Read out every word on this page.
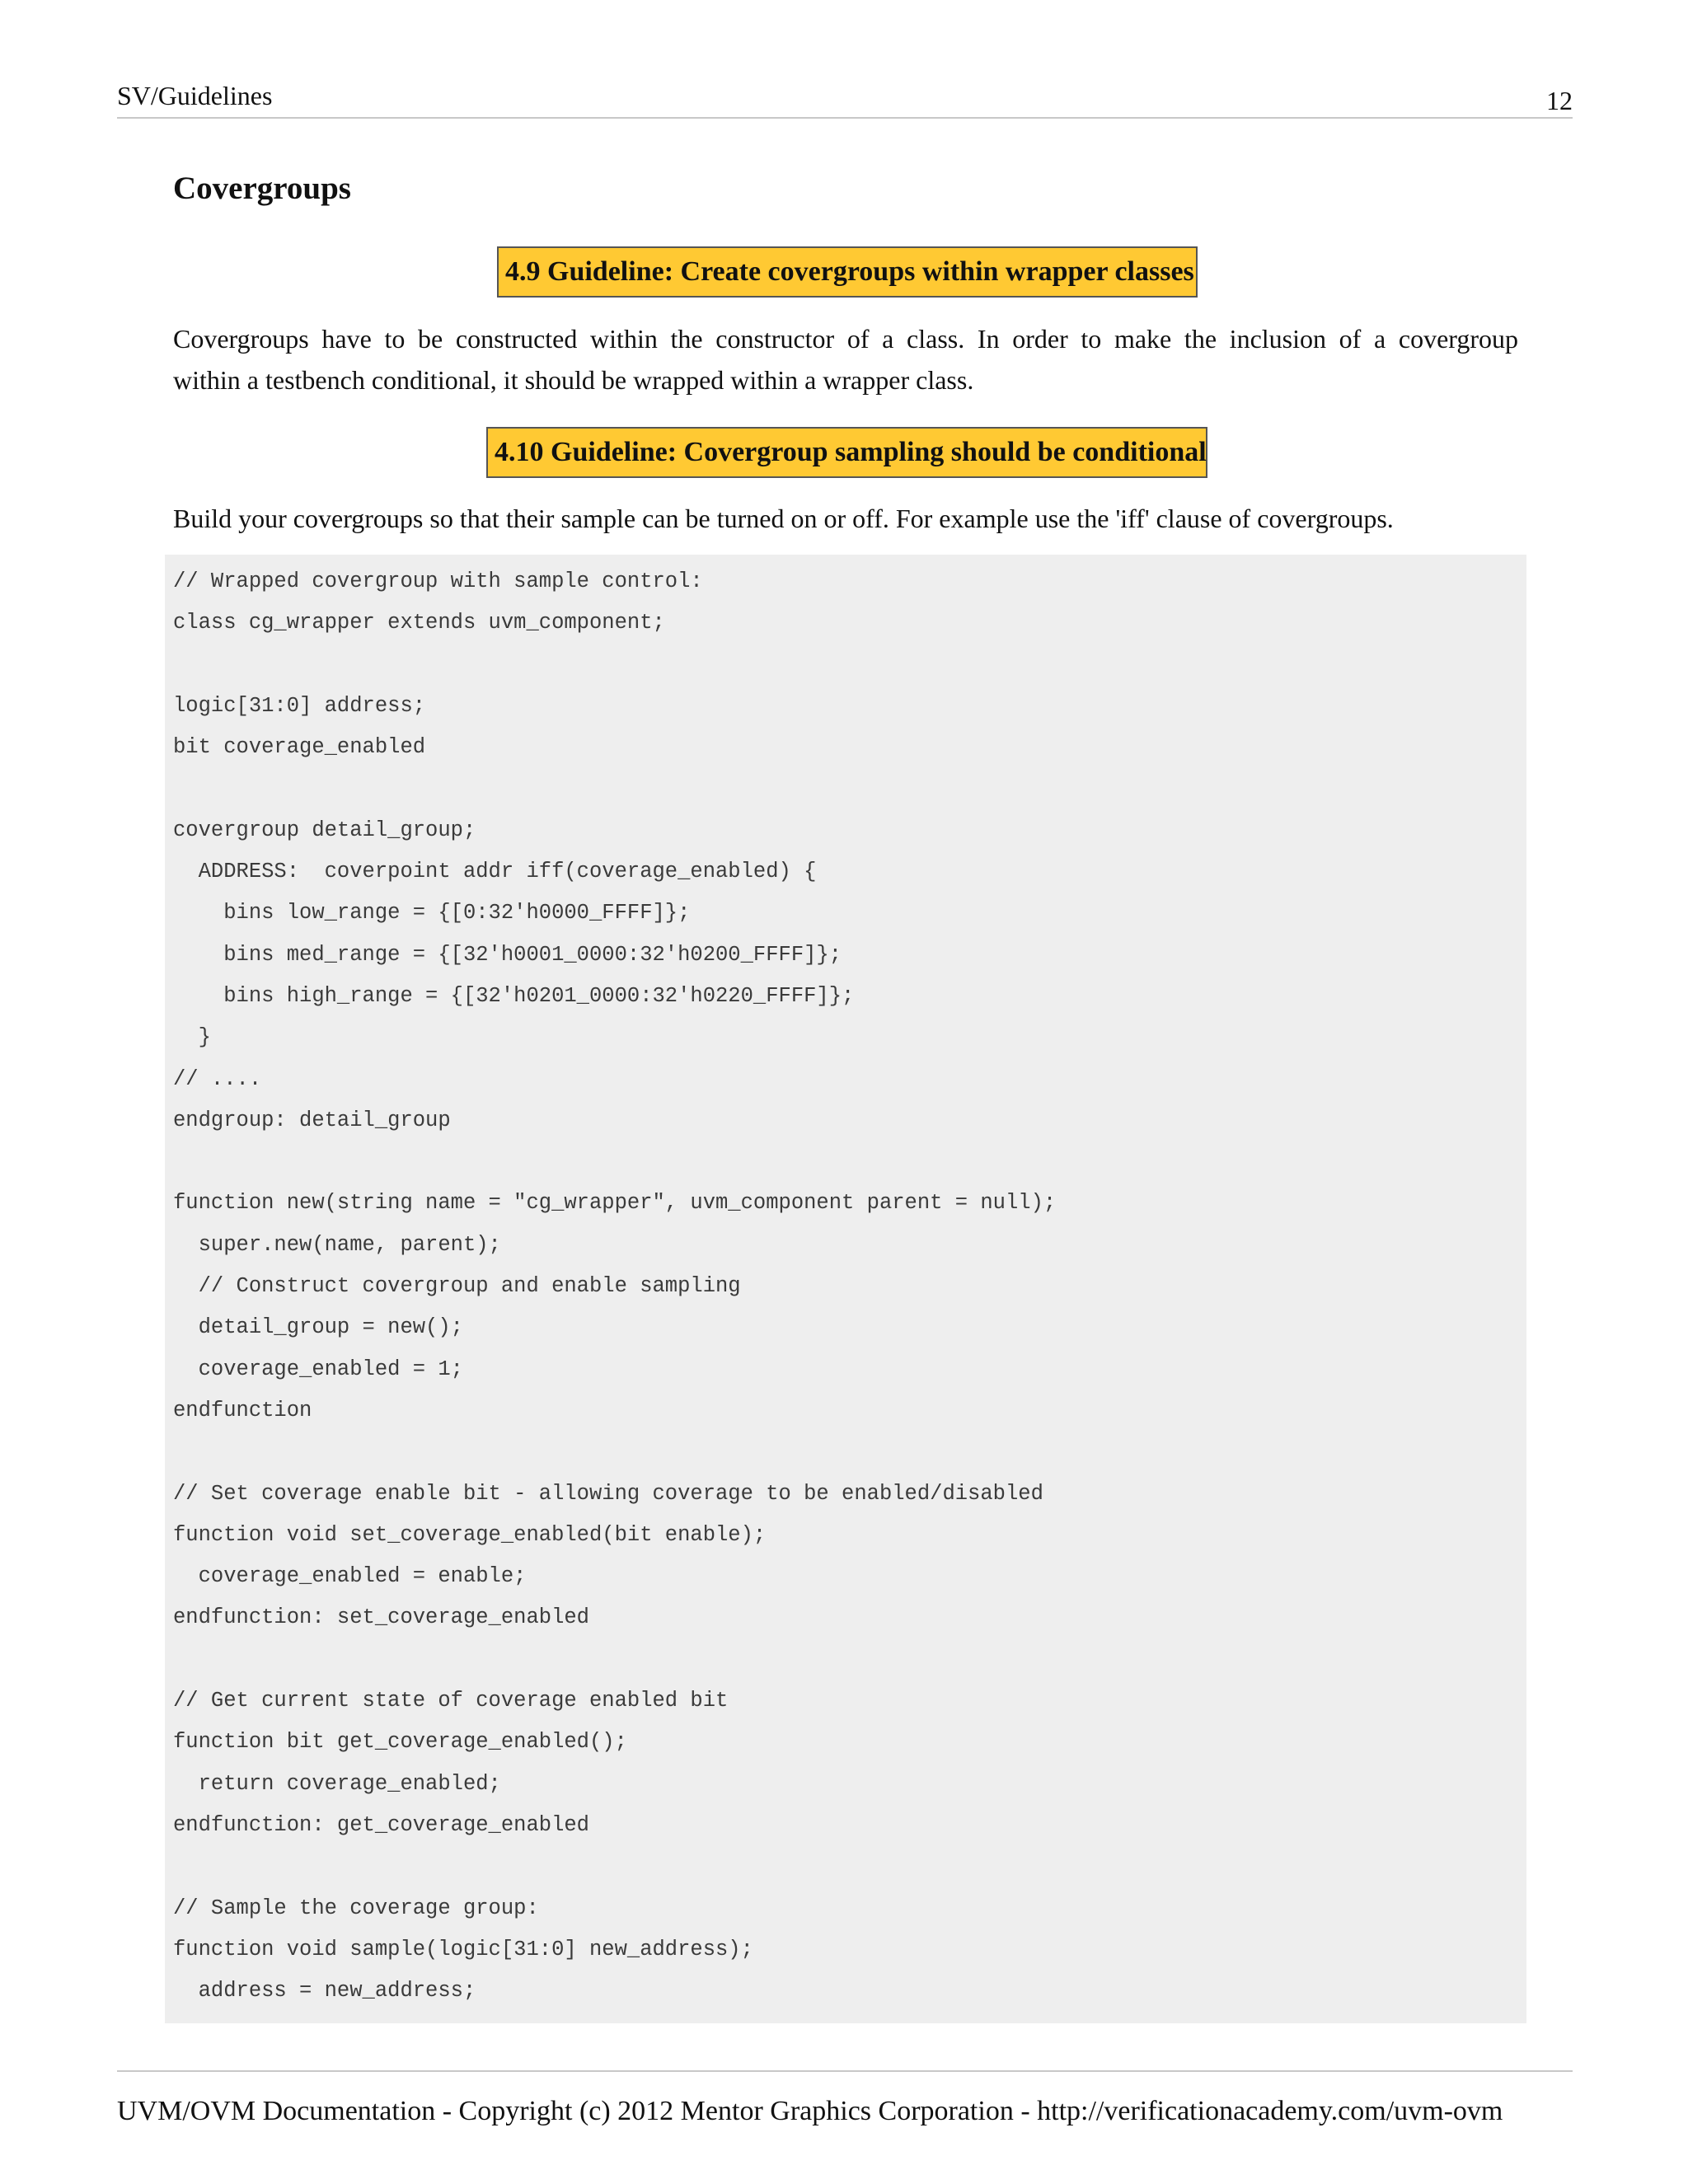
SV/Guidelines	12
Covergroups
4.9 Guideline: Create covergroups within wrapper classes
Covergroups have to be constructed within the constructor of a class. In order to make the inclusion of a covergroup
within a testbench conditional, it should be wrapped within a wrapper class.
4.10 Guideline: Covergroup sampling should be conditional
Build your covergroups so that their sample can be turned on or off. For example use the 'iff' clause of covergroups.
// Wrapped covergroup with sample control:
class cg_wrapper extends uvm_component;

logic[31:0] address;
bit coverage_enabled

covergroup detail_group;
ADDRESS:  coverpoint addr iff(coverage_enabled) {
bins low_range = {[0:32'h0000_FFFF]};
bins med_range = {[32'h0001_0000:32'h0200_FFFF]};
bins high_range = {[32'h0201_0000:32'h0220_FFFF]};
}
// ....
endgroup: detail_group

function new(string name = "cg_wrapper", uvm_component parent = null);
super.new(name, parent);
// Construct covergroup and enable sampling
detail_group = new();
coverage_enabled = 1;
endfunction

// Set coverage enable bit - allowing coverage to be enabled/disabled
function void set_coverage_enabled(bit enable);
coverage_enabled = enable;
endfunction: set_coverage_enabled

// Get current state of coverage enabled bit
function bit get_coverage_enabled();
return coverage_enabled;
endfunction: get_coverage_enabled

// Sample the coverage group:
function void sample(logic[31:0] new_address);
address = new_address;
UVM/OVM Documentation - Copyright (c) 2012 Mentor Graphics Corporation - http://verificationacademy.com/uvm-ovm
